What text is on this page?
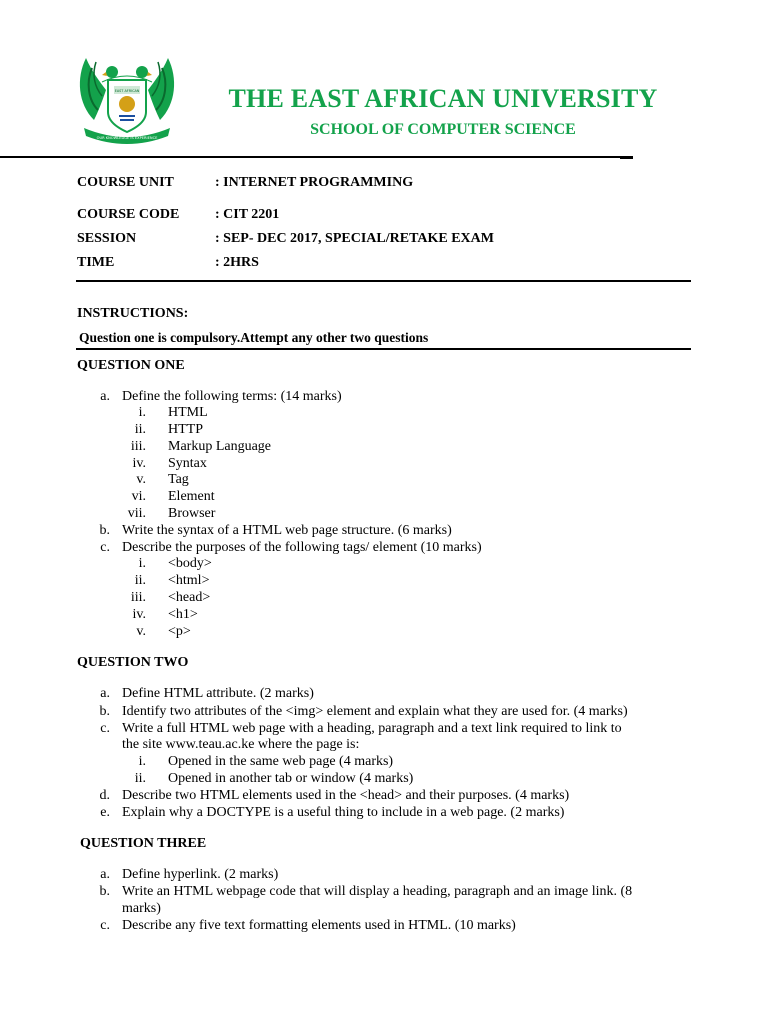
EAST AFRICAN
OUR KNOWLEDGE IS EXPERIENCE
THE EAST AFRICAN UNIVERSITY
SCHOOL OF COMPUTER SCIENCE
COURSE UNIT	: INTERNET PROGRAMMING
COURSE CODE	: CIT 2201
SESSION	: SEP- DEC 2017, SPECIAL/RETAKE EXAM
TIME	: 2HRS
INSTRUCTIONS:
Question one is compulsory.Attempt any other two questions
QUESTION ONE
a. Define the following terms: (14 marks)
i. HTML
ii. HTTP
iii. Markup Language
iv. Syntax
v. Tag
vi. Element
vii. Browser
b. Write the syntax of a HTML web page structure. (6 marks)
c. Describe the purposes of the following tags/ element (10 marks)
i. <body>
ii. <html>
iii. <head>
iv. <h1>
v. <p>
QUESTION TWO
a. Define HTML attribute. (2 marks)
b. Identify two attributes of the <img> element and explain what they are used for. (4 marks)
c. Write a full HTML web page with a heading, paragraph and a text link required to link to
the site www.teau.ac.ke where the page is:
i. Opened in the same web page (4 marks)
ii. Opened in another tab or window (4 marks)
d. Describe two HTML elements used in the <head> and their purposes. (4 marks)
e. Explain why a DOCTYPE is a useful thing to include in a web page. (2 marks)
QUESTION THREE
a. Define hyperlink. (2 marks)
b. Write an HTML webpage code that will display a heading, paragraph and an image link. (8
marks)
c. Describe any five text formatting elements used in HTML. (10 marks)
